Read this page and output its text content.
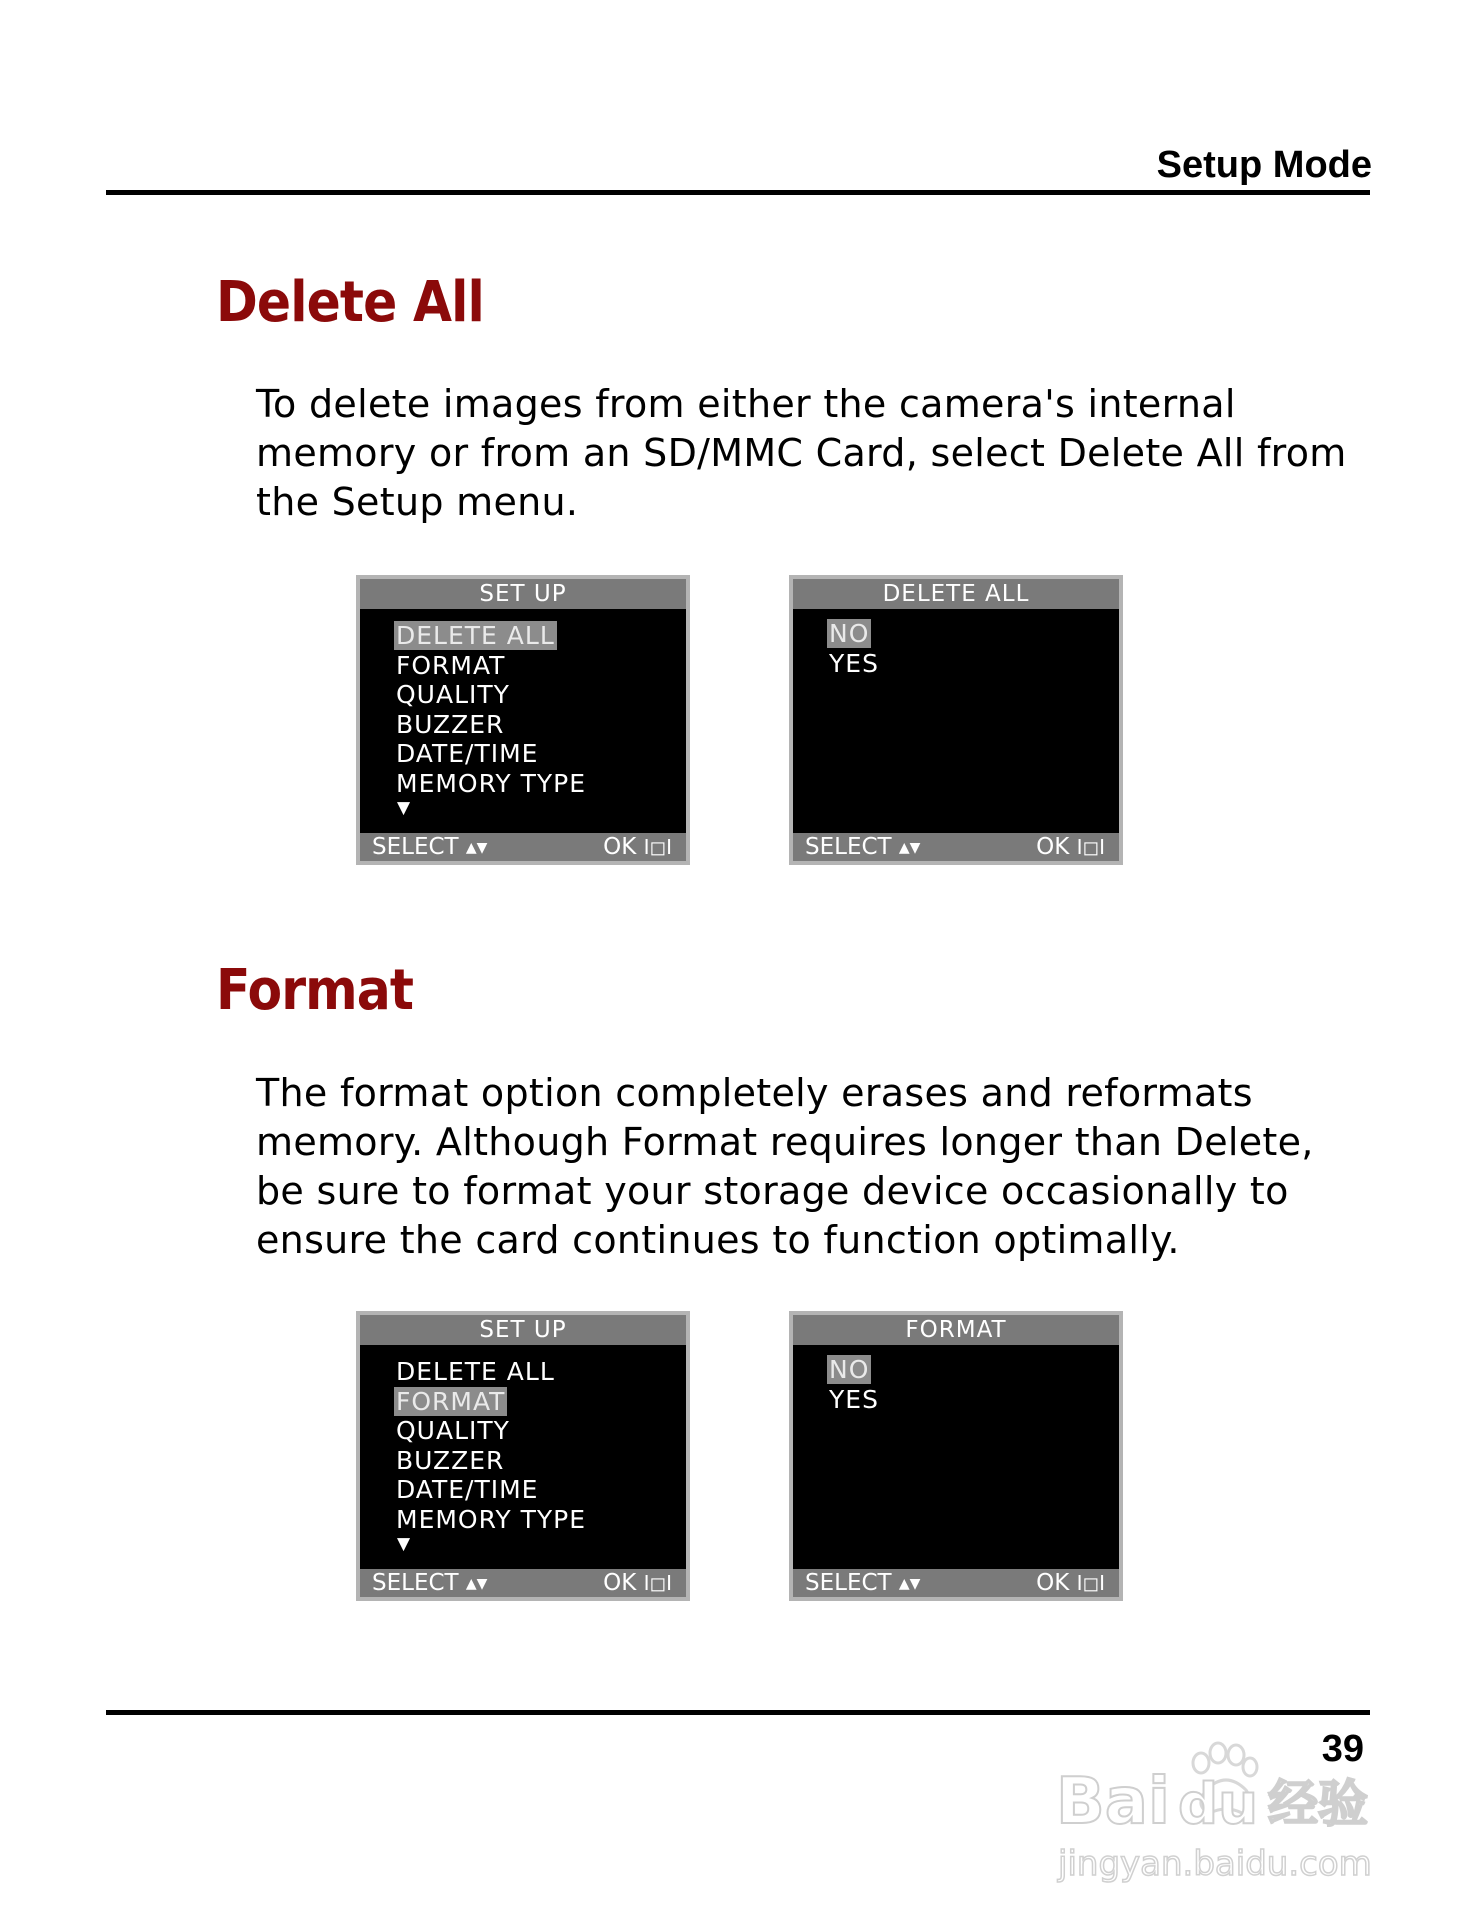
Setup Mode
Delete All

To delete images from either the camera's internal

memory or from an SD/MMC Card, select Delete All from

the Setup menu.

SET UP
DELETE ALL
FORMAT
QUALITY
BUZZER
DATE/TIME
MEMORY TYPE
▼
SELECT ▲▼	OK I◻I
DELETE ALL
NO
YES
SELECT ▲▼	OK I◻I
Format

The format option completely erases and reformats

memory. Although Format requires longer than Delete,

be sure to format your storage device occasionally to

ensure the card continues to function optimally.

SET UP
DELETE ALL
FORMAT
QUALITY
BUZZER
DATE/TIME
MEMORY TYPE
▼
SELECT ▲▼	OK I◻I
FORMAT
NO
YES
SELECT ▲▼	OK I◻I
39
Bai du 经验
jingyan.baidu.com
